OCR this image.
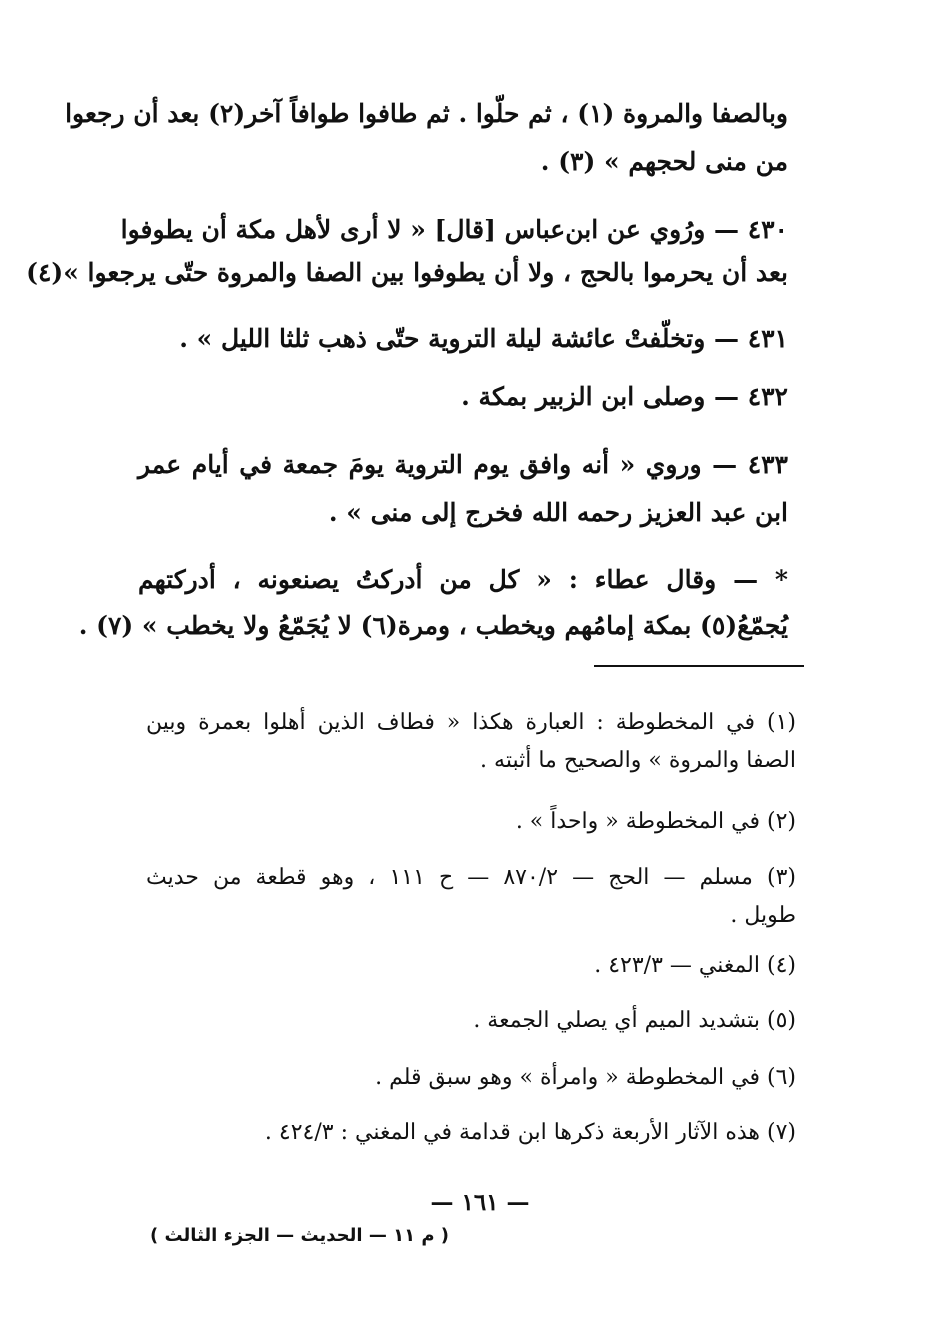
وبالصفا والمروة (١) ، ثم حلّوا . ثم طافوا طوافاً آخر(٢) بعد أن رجعوا
من منى لحجهم » (٣) .
٤٣٠ — ورُوي عن ابن‌عباس [قال] « لا أرى لأهل مكة أن يطوفوا
بعد أن يحرموا بالحج ، ولا أن يطوفوا بين الصفا والمروة حتّى يرجعوا »(٤)
٤٣١ — وتخلّفتْ عائشة ليلة التروية حتّى ذهب ثلثا الليل » .
٤٣٢ — وصلى ابن الزبير بمكة .
٤٣٣ — وروي « أنه وافق يوم التروية يومَ جمعة في أيام عمر
ابن عبد العزيز رحمه الله فخرج إلى منى » .
* — وقال عطاء : « كل من أدركتُ يصنعونه ، أدركتهم
يُجمّعُ(٥) بمكة إمامُهم ويخطب ، ومرة(٦) لا يُجَمّعُ ولا يخطب » (٧) .
(١) في المخطوطة : العبارة هكذا « فطاف الذين أهلوا بعمرة وبين
الصفا والمروة » والصحيح ما أثبته .
(٢) في المخطوطة « واحداً » .
(٣) مسلم — الحج — ٨٧٠/٢ — ح ١١١ ، وهو قطعة من حديث
طويل .
(٤) المغني — ٤٢٣/٣ .
(٥) بتشديد الميم أي يصلي الجمعة .
(٦) في المخطوطة « وامرأة » وهو سبق قلم .
(٧) هذه الآثار الأربعة ذكرها ابن قدامة في المغني : ٤٢٤/٣ .
— ١٦١ —
( م ١١ — الحديث — الجزء الثالث )
